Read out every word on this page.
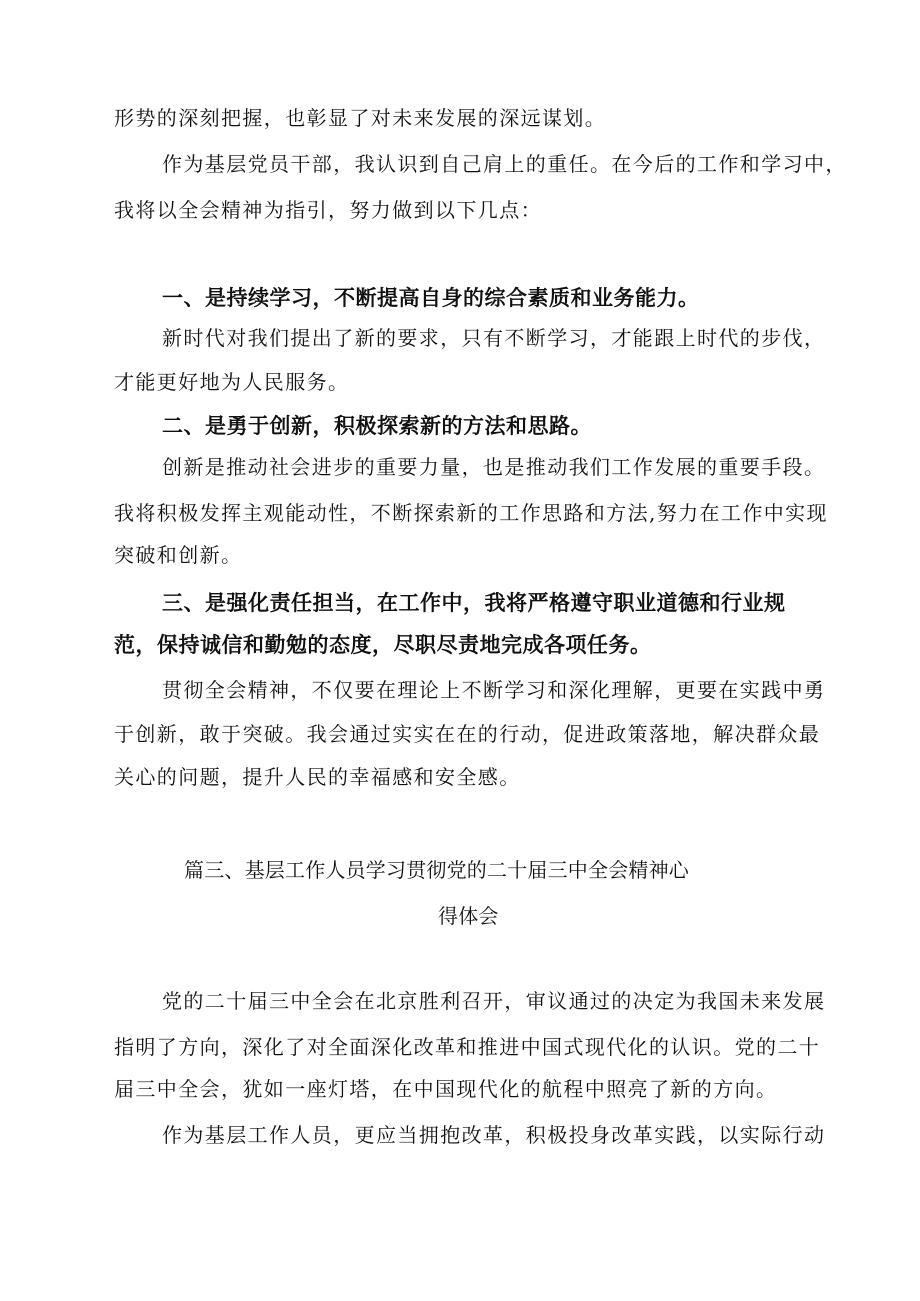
形势的深刻把握，也彰显了对未来发展的深远谋划。
作为基层党员干部，我认识到自己肩上的重任。在今后的工作和学习中，
我将以全会精神为指引，努力做到以下几点：
一、是持续学习，不断提高自身的综合素质和业务能力。
新时代对我们提出了新的要求，只有不断学习，才能跟上时代的步伐，
才能更好地为人民服务。
二、是勇于创新，积极探索新的方法和思路。
创新是推动社会进步的重要力量，也是推动我们工作发展的重要手段。
我将积极发挥主观能动性，不断探索新的工作思路和方法,努力在工作中实现
突破和创新。
三、是强化责任担当，在工作中，我将严格遵守职业道德和行业规
范，保持诚信和勤勉的态度，尽职尽责地完成各项任务。
贯彻全会精神，不仅要在理论上不断学习和深化理解，更要在实践中勇
于创新，敢于突破。我会通过实实在在的行动，促进政策落地，解决群众最
关心的问题，提升人民的幸福感和安全感。
篇三、基层工作人员学习贯彻党的二十届三中全会精神心
得体会
党的二十届三中全会在北京胜利召开，审议通过的决定为我国未来发展
指明了方向，深化了对全面深化改革和推进中国式现代化的认识。党的二十
届三中全会，犹如一座灯塔，在中国现代化的航程中照亮了新的方向。
作为基层工作人员，更应当拥抱改革，积极投身改革实践，以实际行动
